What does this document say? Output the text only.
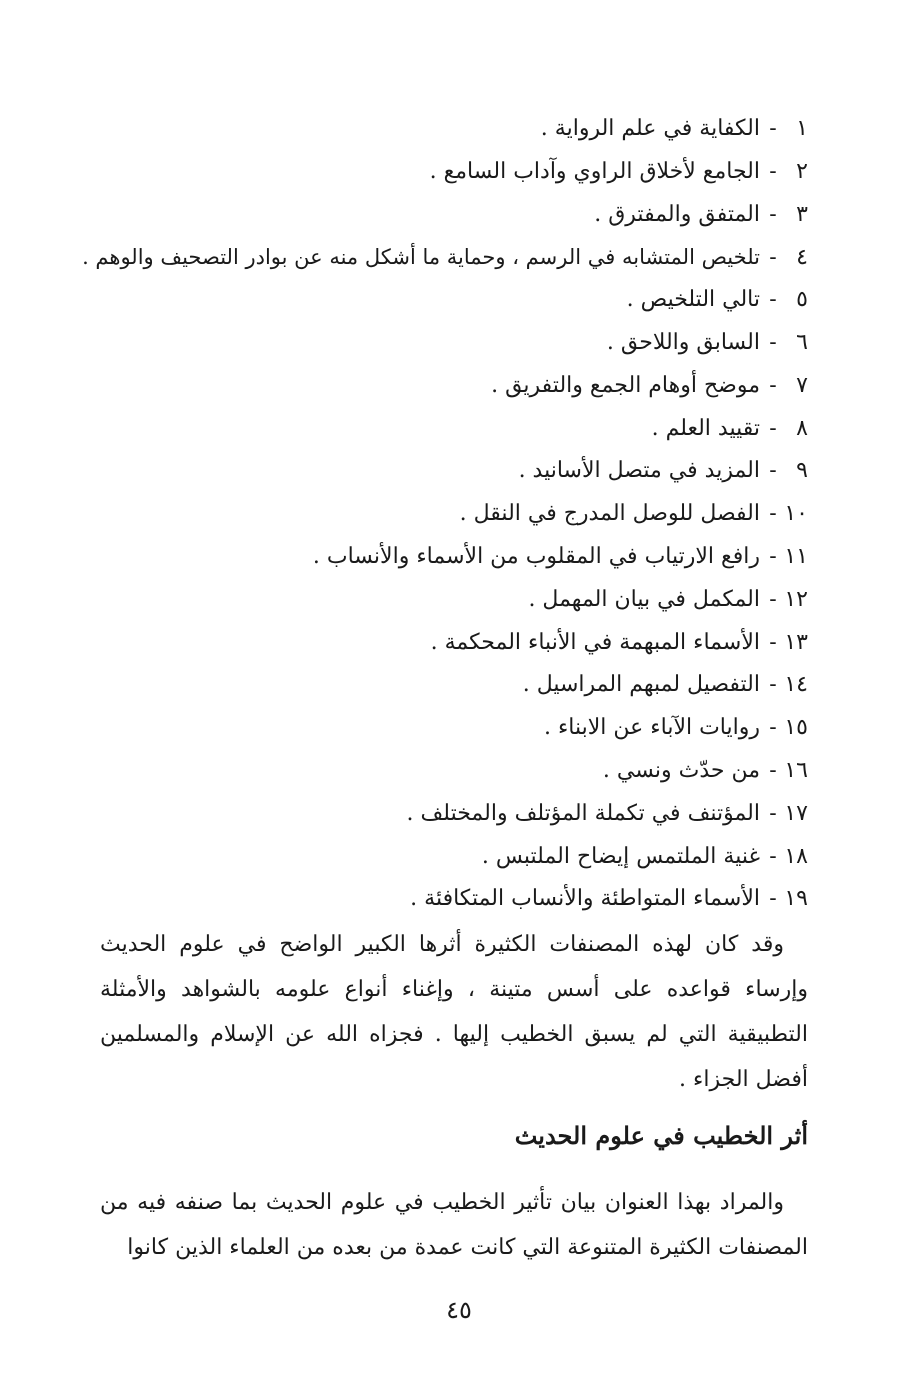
١
-
الكفاية في علم الرواية .
٢
-
الجامع لأخلاق الراوي وآداب السامع .
٣
-
المتفق والمفترق .
٤
-
تلخيص المتشابه في الرسم ، وحماية ما أشكل منه عن بوادر التصحيف والوهم .
٥
-
تالي التلخيص .
٦
-
السابق واللاحق .
٧
-
موضح أوهام الجمع والتفريق .
٨
-
تقييد العلم .
٩
-
المزيد في متصل الأسانيد .
١٠
-
الفصل للوصل المدرج في النقل .
١١
-
رافع الارتياب في المقلوب من الأسماء والأنساب .
١٢
-
المكمل في بيان المهمل .
١٣
-
الأسماء المبهمة في الأنباء المحكمة .
١٤
-
التفصيل لمبهم المراسيل .
١٥
-
روايات الآباء عن الابناء .
١٦
-
من حدّث ونسي .
١٧
-
المؤتنف في تكملة المؤتلف والمختلف .
١٨
-
غنية الملتمس إيضاح الملتبس .
١٩
-
الأسماء المتواطئة والأنساب المتكافئة .

وقد كان لهذه المصنفات الكثيرة أثرها الكبير الواضح في علوم الحديث وإرساء قواعده على أسس متينة ، وإغناء أنواع علومه بالشواهد والأمثلة التطبيقية التي لم يسبق الخطيب إليها . فجزاه الله عن الإسلام والمسلمين أفضل الجزاء .

أثر الخطيب في علوم الحديث

والمراد بهذا العنوان بيان تأثير الخطيب في علوم الحديث بما صنفه فيه من المصنفات الكثيرة المتنوعة التي كانت عمدة من بعده من العلماء الذين كانوا

٤٥
